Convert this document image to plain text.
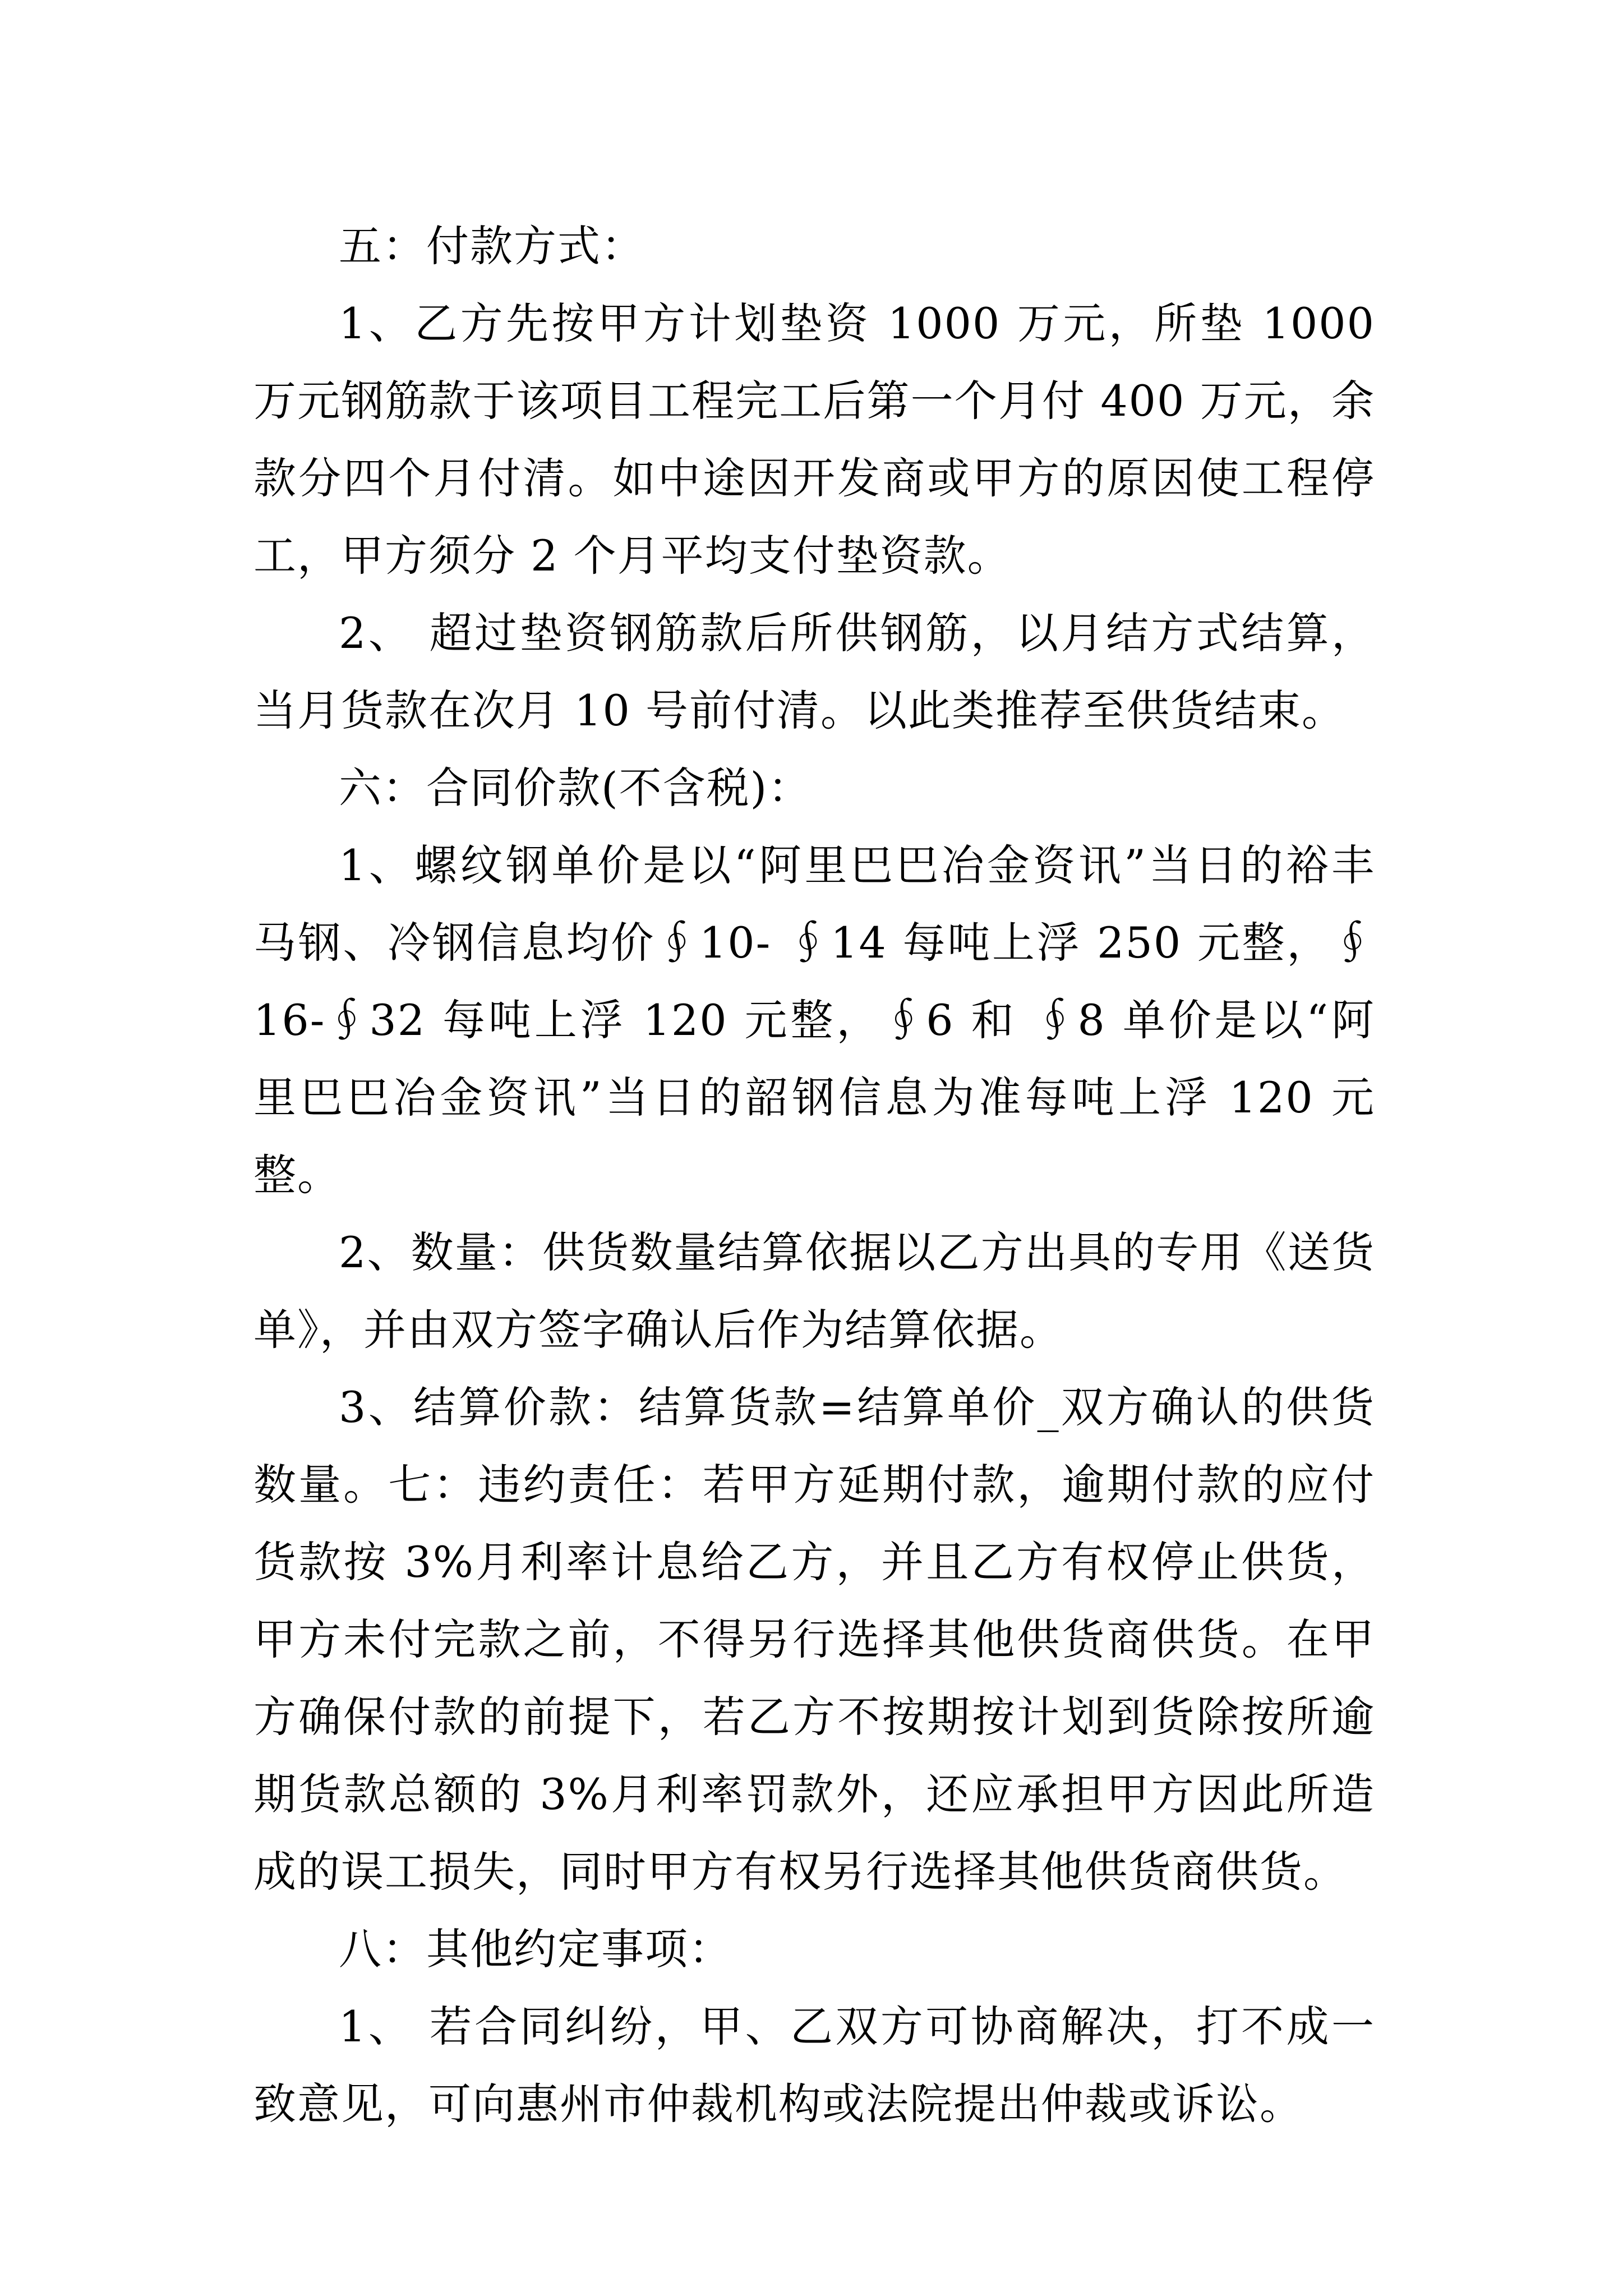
五：付款方式：

1、乙方先按甲方计划垫资 1000 万元，所垫 1000 万元钢筋款于该项目工程完工后第一个月付 400 万元，余款分四个月付清。如中途因开发商或甲方的原因使工程停工，甲方须分 2 个月平均支付垫资款。

2、 超过垫资钢筋款后所供钢筋，以月结方式结算，当月货款在次月 10 号前付清。以此类推荐至供货结束。

六：合同价款(不含税)：

1、螺纹钢单价是以“阿里巴巴冶金资讯”当日的裕丰马钢、冷钢信息均价∮10- ∮14 每吨上浮 250 元整，∮16-∮32 每吨上浮 120 元整，∮6 和 ∮8 单价是以“阿里巴巴冶金资讯”当日的韶钢信息为准每吨上浮 120 元整。

2、数量：供货数量结算依据以乙方出具的专用《送货单》，并由双方签字确认后作为结算依据。

3、结算价款：结算货款=结算单价_双方确认的供货数量。七：违约责任：若甲方延期付款，逾期付款的应付货款按 3%月利率计息给乙方，并且乙方有权停止供货，甲方未付完款之前，不得另行选择其他供货商供货。在甲方确保付款的前提下，若乙方不按期按计划到货除按所逾期货款总额的 3%月利率罚款外，还应承担甲方因此所造成的误工损失，同时甲方有权另行选择其他供货商供货。

八：其他约定事项：

1、 若合同纠纷，甲、乙双方可协商解决，打不成一致意见，可向惠州市仲裁机构或法院提出仲裁或诉讼。
